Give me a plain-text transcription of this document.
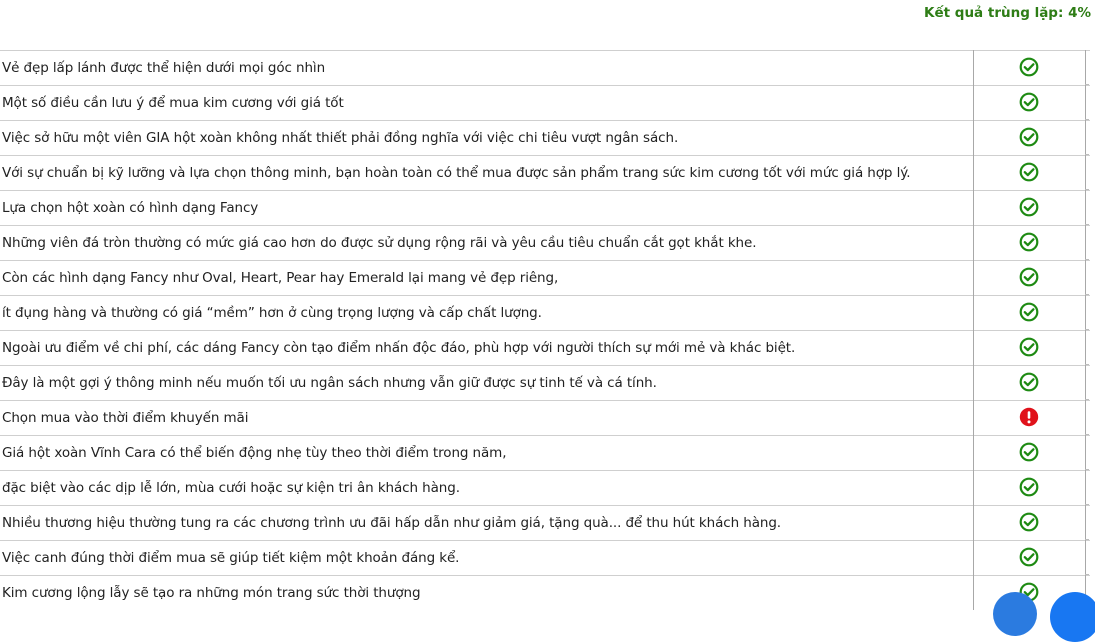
Kết quả trùng lặp: 4%
Vẻ đẹp lấp lánh được thể hiện dưới mọi góc nhìn
Một số điều cần lưu ý để mua kim cương với giá tốt
Việc sở hữu một viên GIA hột xoàn không nhất thiết phải đồng nghĩa với việc chi tiêu vượt ngân sách.
Với sự chuẩn bị kỹ lưỡng và lựa chọn thông minh, bạn hoàn toàn có thể mua được sản phẩm trang sức kim cương tốt với mức giá hợp lý.
Lựa chọn hột xoàn có hình dạng Fancy
Những viên đá tròn thường có mức giá cao hơn do được sử dụng rộng rãi và yêu cầu tiêu chuẩn cắt gọt khắt khe.
Còn các hình dạng Fancy như Oval, Heart, Pear hay Emerald lại mang vẻ đẹp riêng,
ít đụng hàng và thường có giá “mềm” hơn ở cùng trọng lượng và cấp chất lượng.
Ngoài ưu điểm về chi phí, các dáng Fancy còn tạo điểm nhấn độc đáo, phù hợp với người thích sự mới mẻ và khác biệt.
Đây là một gợi ý thông minh nếu muốn tối ưu ngân sách nhưng vẫn giữ được sự tinh tế và cá tính.
Chọn mua vào thời điểm khuyến mãi
Giá hột xoàn Vĩnh Cara có thể biến động nhẹ tùy theo thời điểm trong năm,
đặc biệt vào các dịp lễ lớn, mùa cưới hoặc sự kiện tri ân khách hàng.
Nhiều thương hiệu thường tung ra các chương trình ưu đãi hấp dẫn như giảm giá, tặng quà... để thu hút khách hàng.
Việc canh đúng thời điểm mua sẽ giúp tiết kiệm một khoản đáng kể.
Kim cương lộng lẫy sẽ tạo ra những món trang sức thời thượng
